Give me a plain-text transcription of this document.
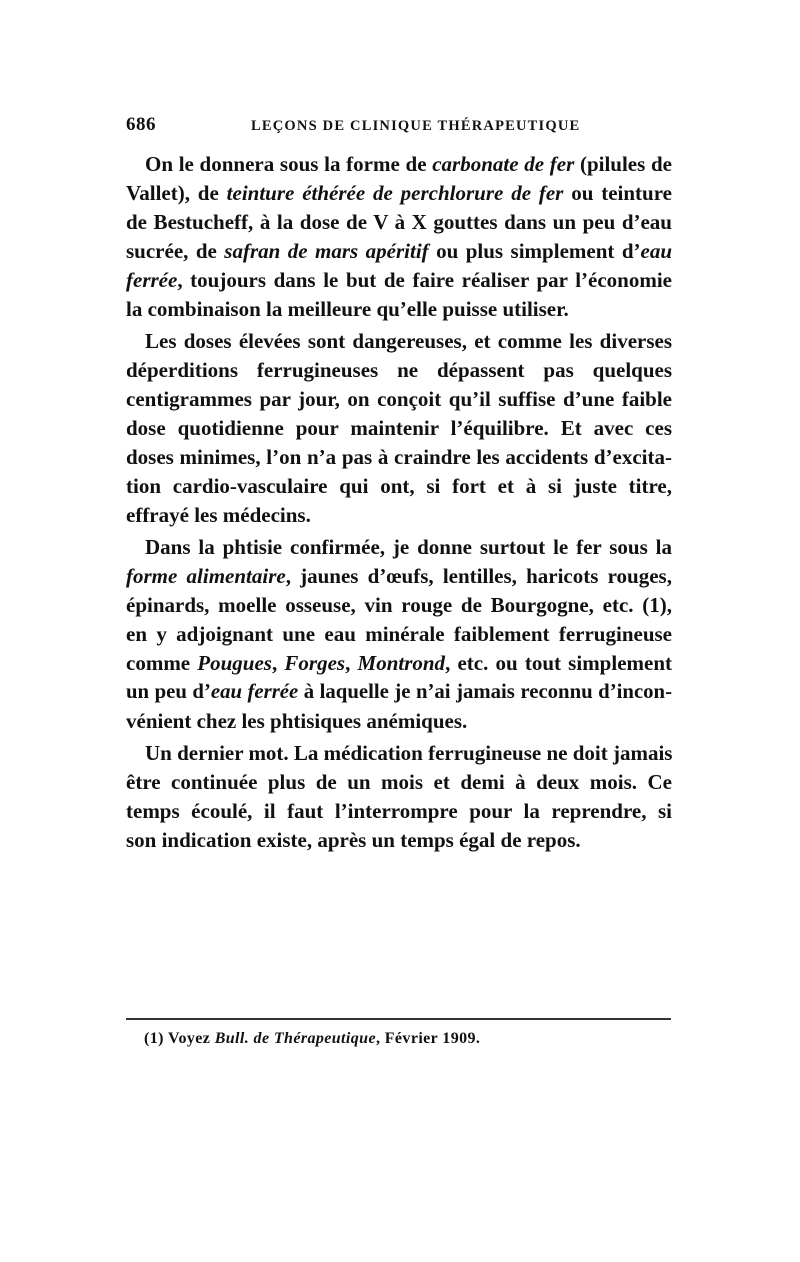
686	LEÇONS DE CLINIQUE THÉRAPEUTIQUE
On le donnera sous la forme de carbonate de fer (pilules de
Vallet), de teinture éthérée de perchlorure de fer ou teinture
de Bestucheff, à la dose de V à X gouttes dans un peu d’eau
sucrée, de safran de mars apéritif ou plus simplement d’eau
ferrée, toujours dans le but de faire réaliser par l’économie
la combinaison la meilleure qu’elle puisse utiliser.
Les doses élevées sont dangereuses, et comme les diverses
déperditions ferrugineuses ne dépassent pas quelques
centigrammes par jour, on conçoit qu’il suffise d’une faible
dose quotidienne pour maintenir l’équilibre. Et avec ces
doses minimes, l’on n’a pas à craindre les accidents d’excita-
tion cardio-vasculaire qui ont, si fort et à si juste titre,
effrayé les médecins.
Dans la phtisie confirmée, je donne surtout le fer sous la
forme alimentaire, jaunes d’œufs, lentilles, haricots rouges,
épinards, moelle osseuse, vin rouge de Bourgogne, etc. (1),
en y adjoignant une eau minérale faiblement ferrugineuse
comme Pougues, Forges, Montrond, etc. ou tout simplement
un peu d’eau ferrée à laquelle je n’ai jamais reconnu d’incon-
vénient chez les phtisiques anémiques.
Un dernier mot. La médication ferrugineuse ne doit jamais
être continuée plus de un mois et demi à deux mois. Ce
temps écoulé, il faut l’interrompre pour la reprendre, si
son indication existe, après un temps égal de repos.
(1) Voyez Bull. de Thérapeutique, Février 1909.
